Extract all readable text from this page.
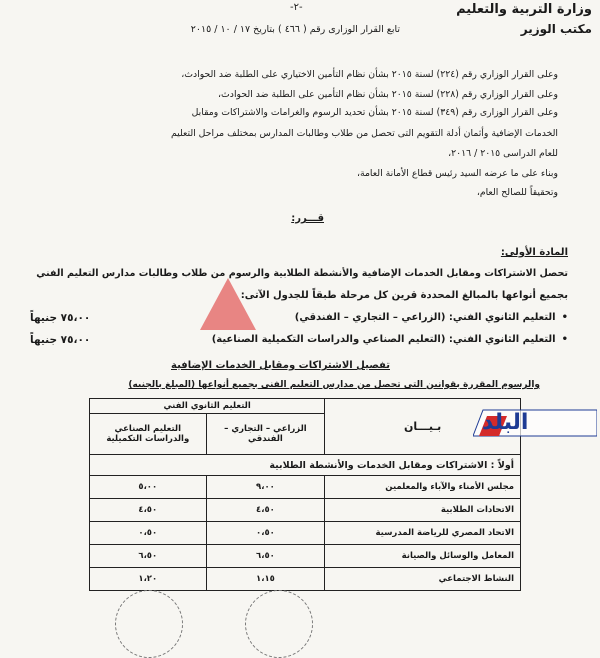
وزارة التربية والتعليم
مكتب الوزير
-٢-
تابع القرار الوزارى رقم ( ٤٦٦ ) بتاريخ ١٧ / ١٠ / ٢٠١٥
وعلى القرار الوزاري رقم (٢٢٤) لسنة ٢٠١٥ بشأن نظام التأمين الاختياري على الطلبة ضد الحوادث،
وعلى القرار الوزاري رقم (٢٢٨) لسنة ٢٠١٥ بشأن نظام التأمين على الطلبة ضد الحوادث،
وعلى القرار الوزارى رقم (٣٤٩) لسنة ٢٠١٥ بشأن تحديد الرسوم والغرامات والاشتراكات ومقابل
الخدمات الإضافية وأثمان أدلة التقويم التى تحصل من طلاب وطالبات المدارس بمختلف مراحل التعليم
للعام الدراسى ٢٠١٥ / ٢٠١٦،
وبناء على ما عرضه السيد رئيس قطاع الأمانة العامة،
وتحقيقاً للصالح العام،
قـــرر:
المادة الأولى:
تحصل الاشتراكات ومقابل الخدمات الإضافية والأنشطة الطلابية والرسوم من طلاب وطالبات مدارس التعليم الفني
بجميع أنواعها بالمبالغ المحددة قرين كل مرحلة طبقاً للجدول الآتى:
•التعليم الثانوي الفني: (الزراعي – التجاري – الفندقي)
٧٥،٠٠ جنيهاً
•التعليم الثانوي الفني: (التعليم الصناعي والدراسات التكميلية الصناعية)
٧٥،٠٠ جنيهاً
تفصيل الاشتراكات ومقابل الخدمات الإضافية
والرسوم المقررة بقوانين التى تحصل من مدارس التعليم الفنى بجميع أنواعها (المبلغ بالجنيه)
بـيـــان	التعليم الثانوي الفني	
	الزراعي – التجاري – الفندقي	التعليم الصناعي والدراسات التكميلية
أولاً : الاشتراكات ومقابل الخدمات والأنشطة الطلابية		
مجلس الأمناء والآباء والمعلمين	٩،٠٠	٥،٠٠
الاتحادات الطلابية	٤،٥٠	٤،٥٠
الاتحاد المصري للرياضة المدرسية	٠،٥٠	٠،٥٠
المعامل والوسائل والصيانة	٦،٥٠	٦،٥٠
النشاط الاجتماعي	١،١٥	١،٢٠
البلد
